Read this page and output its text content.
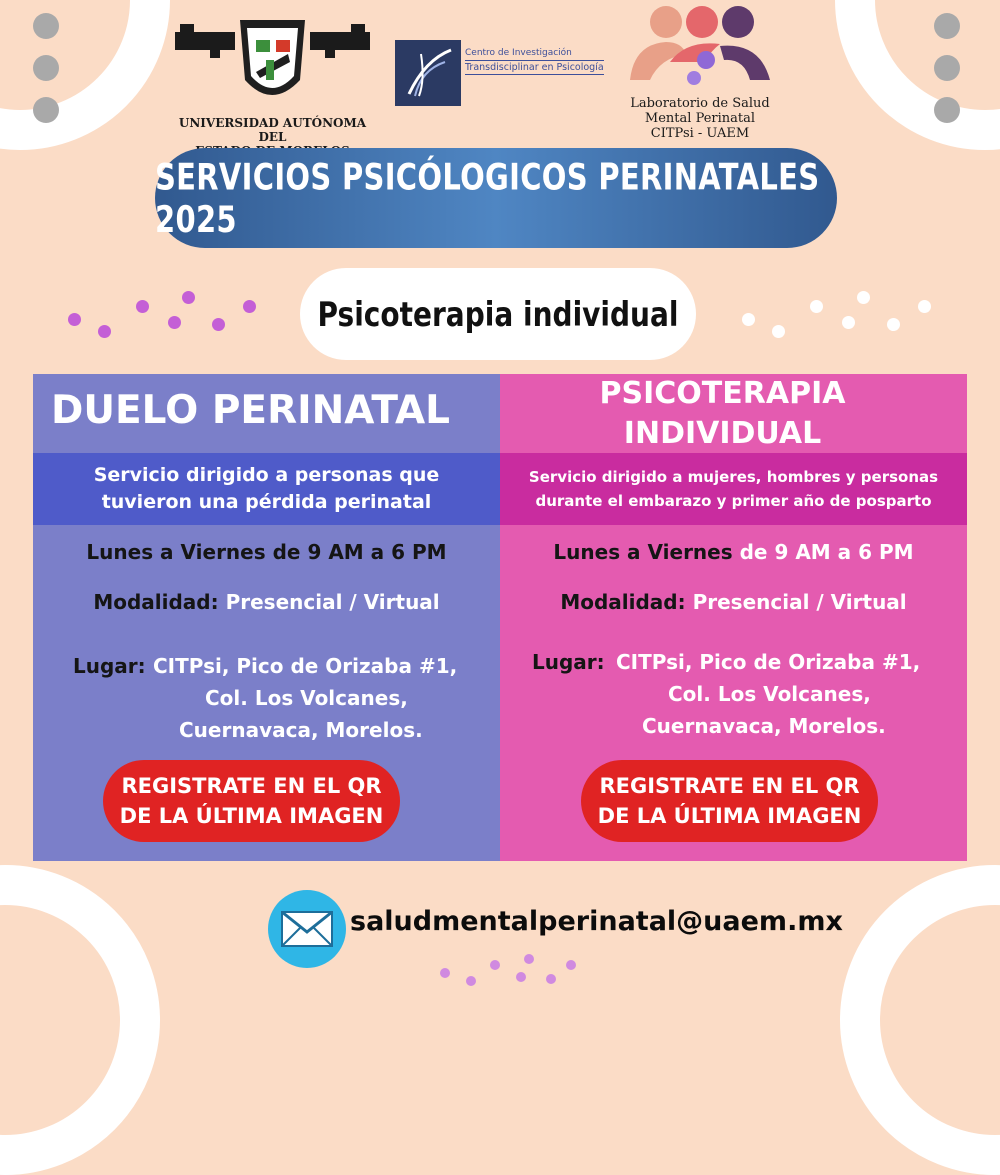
UNIVERSIDAD AUTÓNOMA DEL
Centro de Investigación
Transdisciplinar en Psicología
Laboratorio de Salud
Mental Perinatal
CITPsi - UAEM
SERVICIOS PSICÓLOGICOS PERINATALES 2025
Psicoterapia individual
DUELO PERINATAL
Servicio dirigido a personas que
tuvieron una pérdida perinatal
Lunes a Viernes de 9 AM a 6 PM
Modalidad: Presencial / Virtual
Lugar: CITPsi, Pico de Orizaba #1,
Col. Los Volcanes,
Cuernavaca, Morelos.
REGISTRATE EN EL QR
DE LA ÚLTIMA IMAGEN
PSICOTERAPIA
INDIVIDUAL
Servicio dirigido a mujeres, hombres y personas
durante el embarazo y primer año de posparto
Lunes a Viernes de 9 AM a 6 PM
Modalidad: Presencial / Virtual
Lugar: CITPsi, Pico de Orizaba #1,
Col. Los Volcanes,
Cuernavaca, Morelos.
REGISTRATE EN EL QR
DE LA ÚLTIMA IMAGEN
saludmentalperinatal@uaem.mx
